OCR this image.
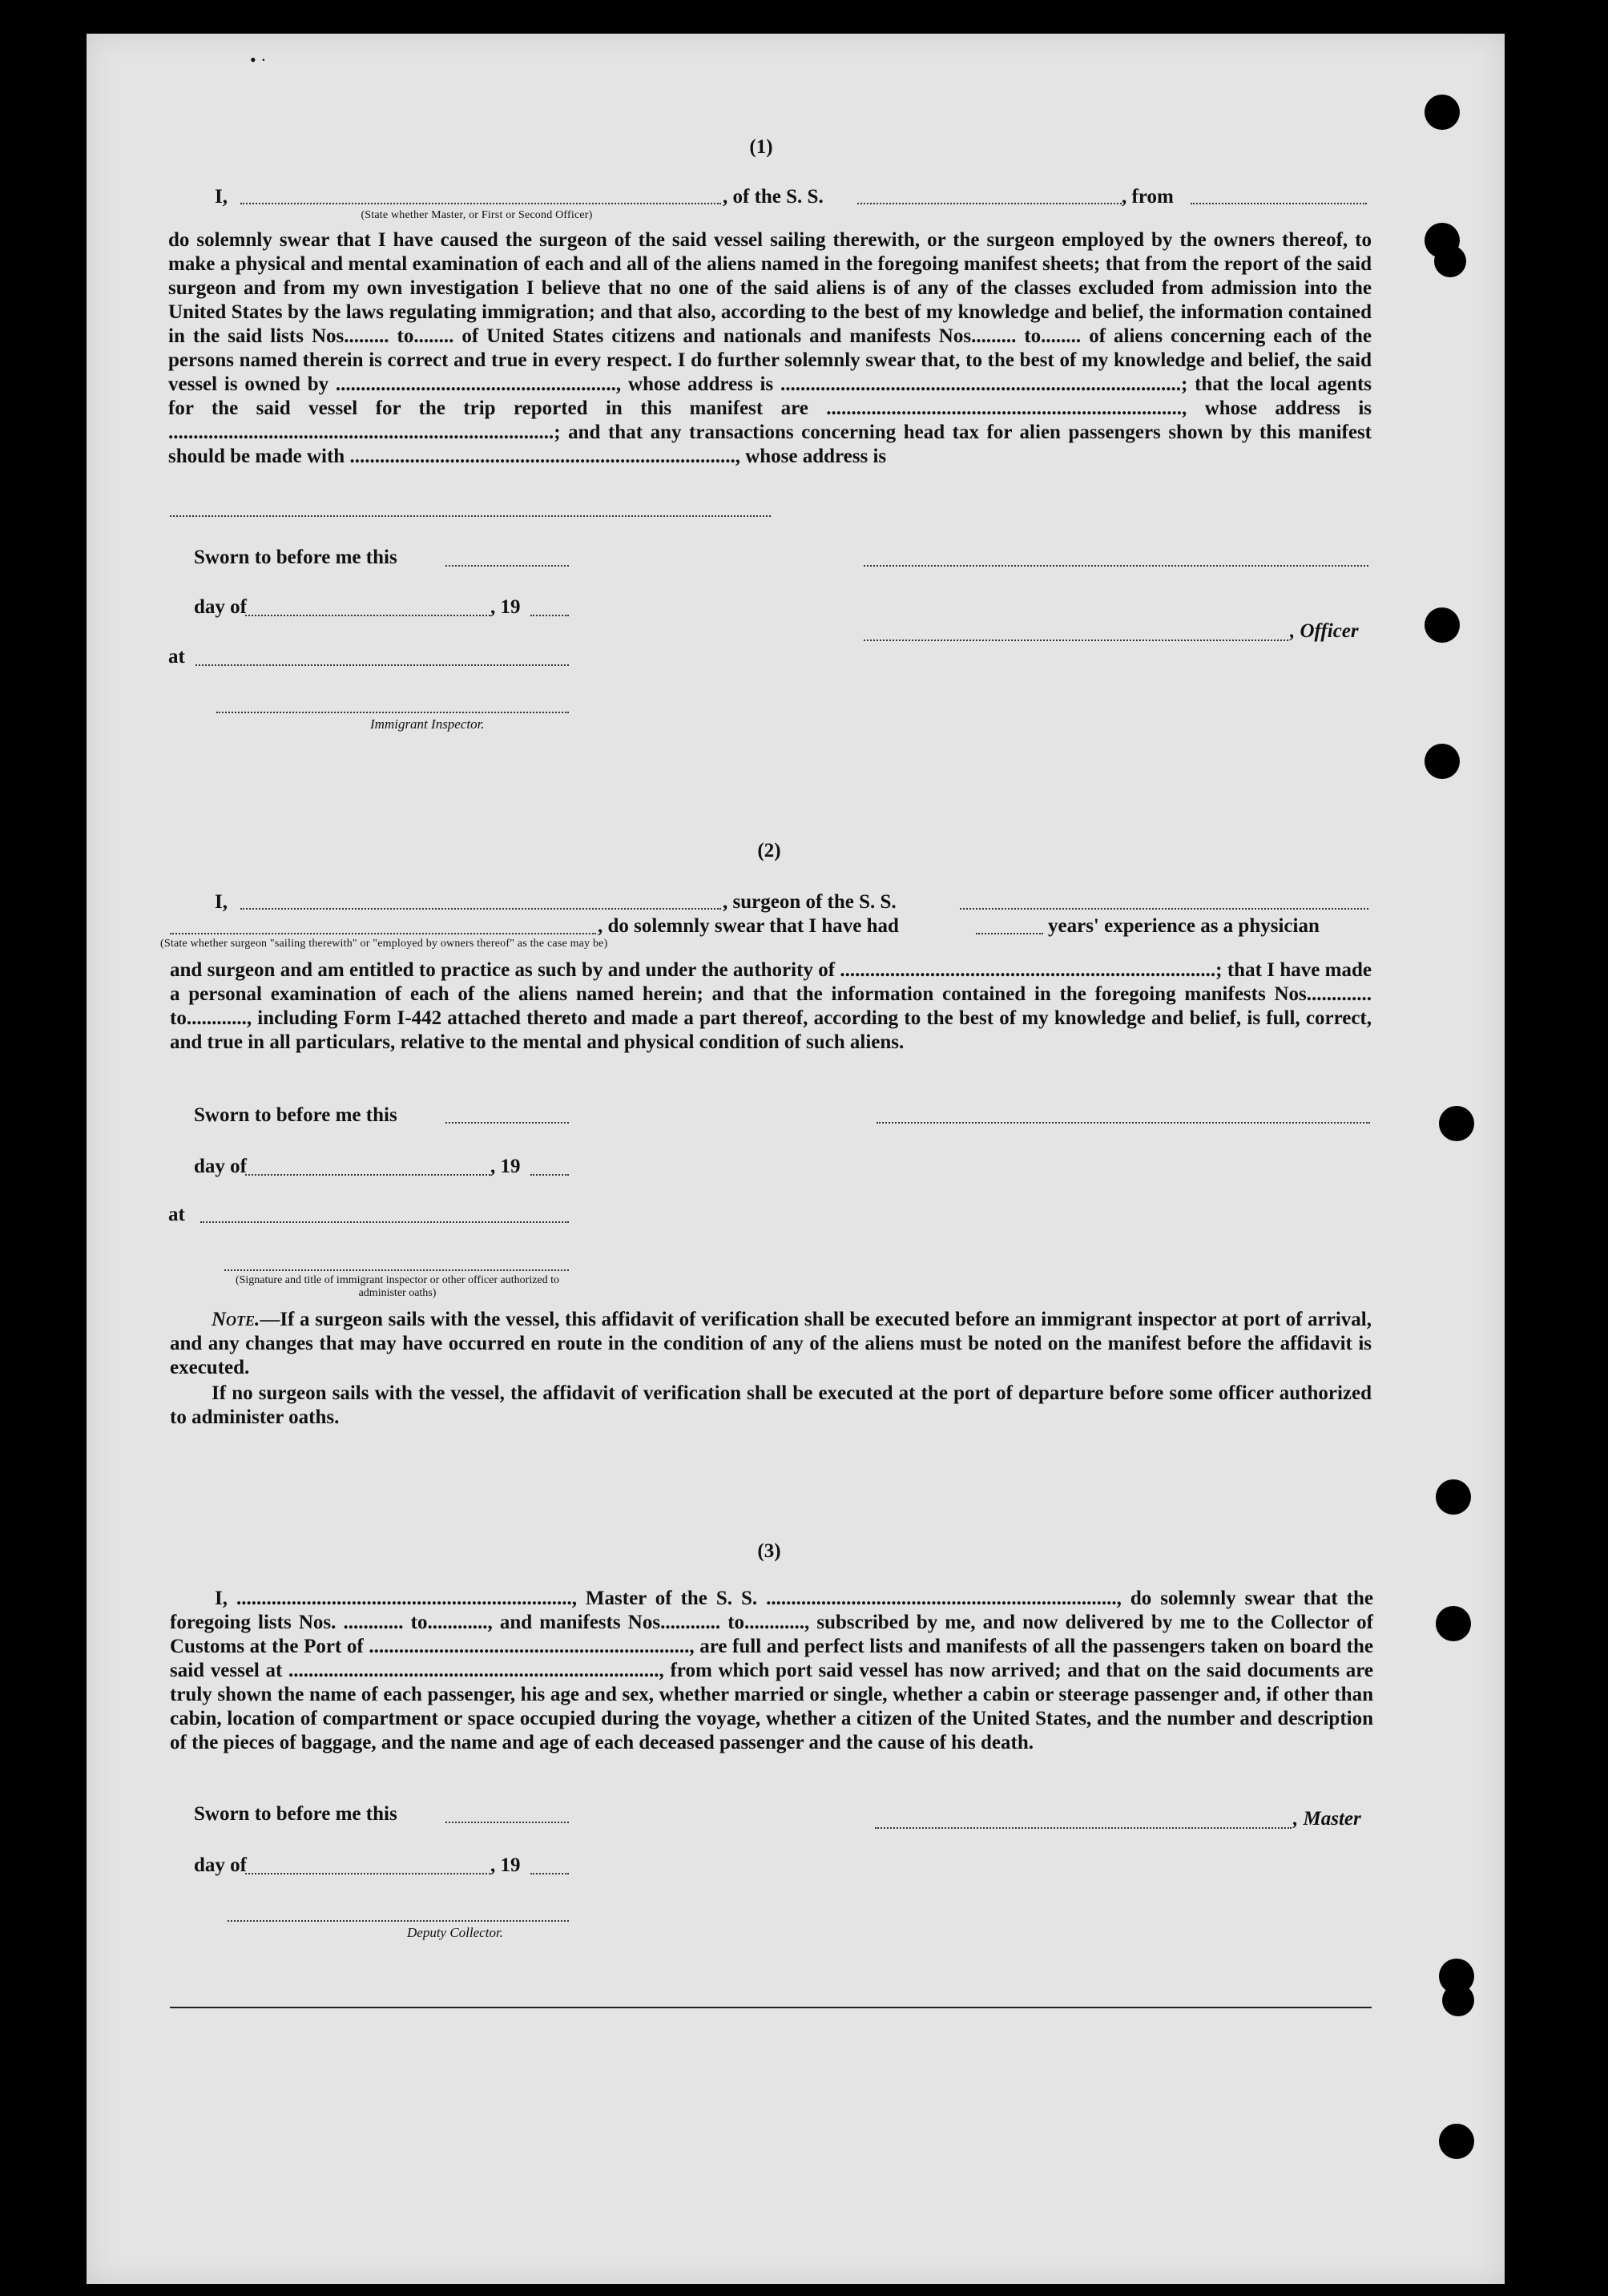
• ·
(1)
I,	, of the S. S.	, from
(State whether Master, or First or Second Officer)

do solemnly swear that I have caused the surgeon of the said vessel sailing therewith, or the surgeon employed by the owners thereof, to make a physical and mental examination of each and all of the aliens named in the foregoing manifest sheets; that from the report of the said surgeon and from my own investigation I believe that no one of the said aliens is of any of the classes excluded from admission into the United States by the laws regulating immigration; and that also, according to the best of my knowledge and belief, the information contained in the said lists Nos......... to........ of United States citizens and nationals and manifests Nos......... to........ of aliens concerning each of the persons named therein is correct and true in every respect. I do further solemnly swear that, to the best of my knowledge and belief, the said vessel is owned by ........................................................, whose address is ................................................................................; that the local agents for the said vessel for the trip reported in this manifest are ......................................................................., whose address is .............................................................................; and that any transactions concerning head tax for alien passengers shown by this manifest should be made with ............................................................................., whose address is

Sworn to before me this
day of	, 19
, Officer
at
Immigrant Inspector.
(2)
I,	, surgeon of the S. S.
, do solemnly swear that I have had	years' experience as a physician
(State whether surgeon "sailing therewith" or "employed by owners thereof" as the case may be)
and surgeon and am entitled to practice as such by and under the authority of ...........................................................................; that I have made a personal examination of each of the aliens named herein; and that the information contained in the foregoing manifests Nos............. to............, including Form I-442 attached thereto and made a part thereof, according to the best of my knowledge and belief, is full, correct, and true in all particulars, relative to the mental and physical condition of such aliens.
Sworn to before me this
day of	, 19
at
(Signature and title of immigrant inspector or other officer authorized to administer oaths)
Note.—If a surgeon sails with the vessel, this affidavit of verification shall be executed before an immigrant inspector at port of arrival, and any changes that may have occurred en route in the condition of any of the aliens must be noted on the manifest before the affidavit is executed.
If no surgeon sails with the vessel, the affidavit of verification shall be executed at the port of departure before some officer authorized to administer oaths.
(3)
I, ..................................................................., Master of the S. S. ......................................................................, do solemnly swear that the foregoing lists Nos. ............ to............, and manifests Nos............ to............, subscribed by me, and now delivered by me to the Collector of Customs at the Port of ................................................................, are full and perfect lists and manifests of all the passengers taken on board the said vessel at .........................................................................., from which port said vessel has now arrived; and that on the said documents are truly shown the name of each passenger, his age and sex, whether married or single, whether a cabin or steerage passenger and, if other than cabin, location of compartment or space occupied during the voyage, whether a citizen of the United States, and the number and description of the pieces of baggage, and the name and age of each deceased passenger and the cause of his death.
Sworn to before me this	, Master
day of	, 19
Deputy Collector.
